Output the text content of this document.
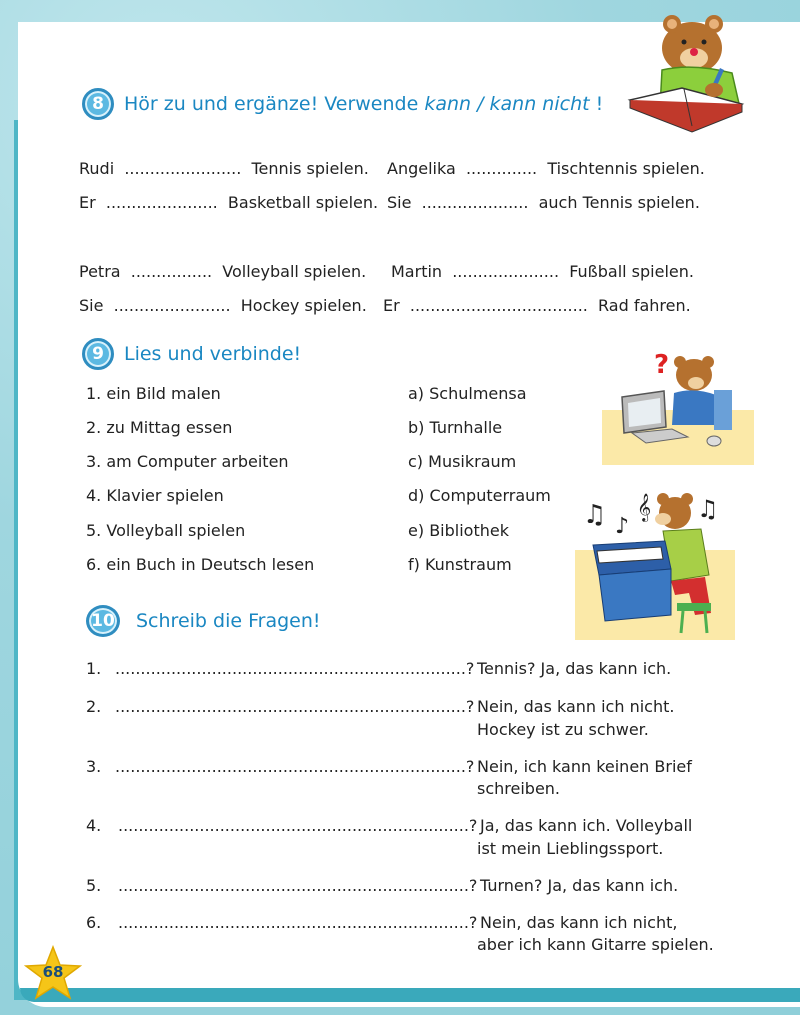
8	Hör zu und ergänze! Verwende kann / kann nicht !
Rudi  .......................  Tennis spielen. Angelika  ..............  Tischtennis spielen.
Er  ......................  Basketball spielen. Sie  .....................  auch Tennis spielen.
Petra  ................  Volleyball spielen. Martin  .....................  Fußball spielen.
Sie  .......................  Hockey spielen. Er  ...................................  Rad fahren.
9	Lies und verbinde!
1. ein Bild malen
2. zu Mittag essen
3. am Computer arbeiten
4. Klavier spielen
5. Volleyball spielen
6. ein Buch in Deutsch lesen
a) Schulmensa
b) Turnhalle
c) Musikraum
d) Computerraum
e) Bibliothek
f) Kunstraum
?
♫ 𝄞
♪
♫
10 Schreib die Fragen!
1. .....................................................................? Tennis? Ja, das kann ich.
2. .....................................................................? Nein, das kann ich nicht.
Hockey ist zu schwer.
3. .....................................................................? Nein, ich kann keinen Brief
schreiben.
4. .....................................................................? Ja, das kann ich. Volleyball
ist mein Lieblingssport.
5. .....................................................................? Turnen? Ja, das kann ich.
6. .....................................................................? Nein, das kann ich nicht,
aber ich kann Gitarre spielen.
68
